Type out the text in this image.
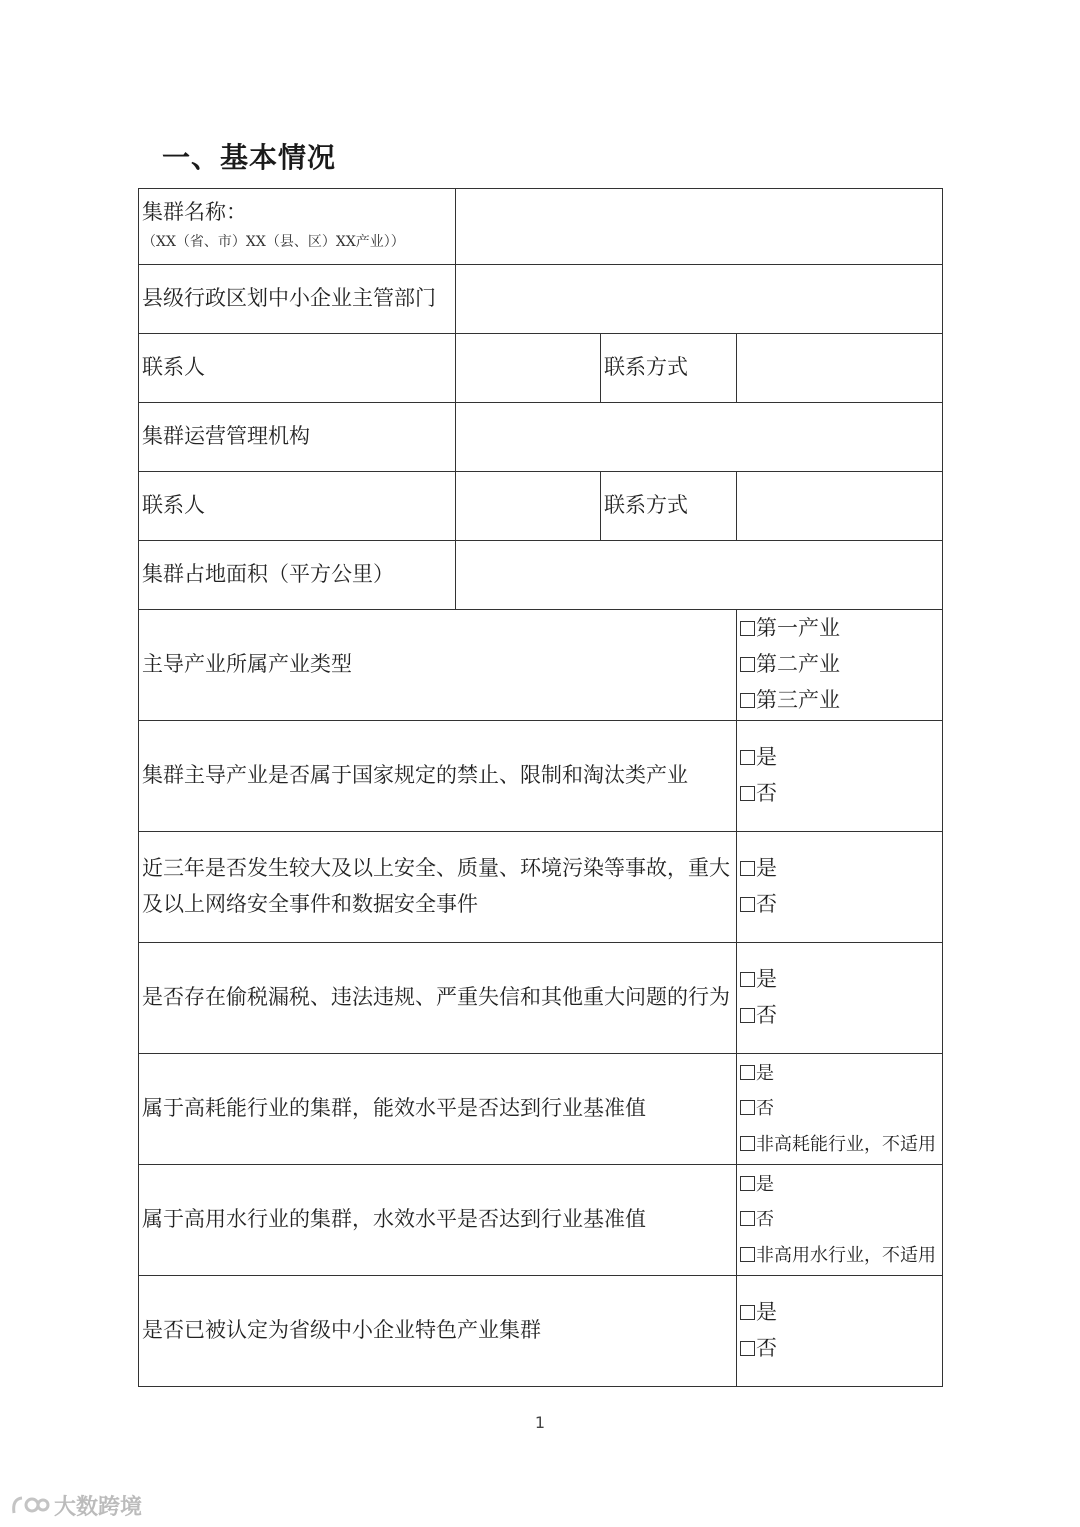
一、基本情况
集群名称：
（XX（省、市）XX（县、区）XX产业））			

县级行政区划中小企业主管部门			
联系人		联系方式	
集群运营管理机构			
联系人		联系方式	
集群占地面积（平方公里）			
主导产业所属产业类型			第一产业
第二产业
第三产业

集群主导产业是否属于国家规定的禁止、限制和淘汰类产业			是
否

近三年是否发生较大及以上安全、质量、环境污染等事故，重大及以上网络安全事件和数据安全事件			是
否

是否存在偷税漏税、违法违规、严重失信和其他重大问题的行为			是
否

属于高耗能行业的集群，能效水平是否达到行业基准值			是
否
非高耗能行业，不适用

属于高用水行业的集群，水效水平是否达到行业基准值			是
否
非高用水行业，不适用

是否已被认定为省级中小企业特色产业集群			是
否
1
大数跨境
